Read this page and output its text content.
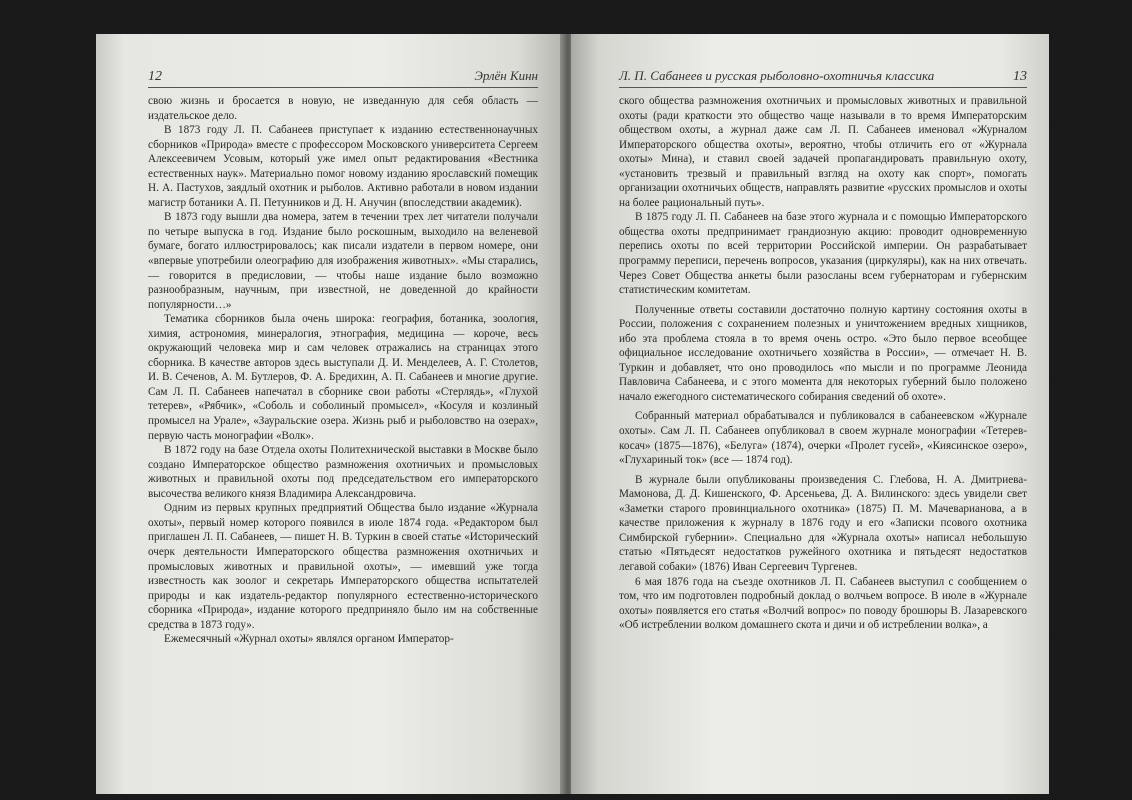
12	Эрлён Кинн

свою жизнь и бросается в новую, не изведанную для себя область — издательское дело.

В 1873 году Л. П. Сабанеев приступает к изданию естественнонаучных сборников «Природа» вместе с профессором Московского университета Сергеем Алексеевичем Усовым, который уже имел опыт редактирования «Вестника естественных наук». Материально помог новому изданию ярославский помещик Н. А. Пастухов, заядлый охотник и рыболов. Активно работали в новом издании магистр ботаники А. П. Петунников и Д. Н. Анучин (впоследствии академик).

В 1873 году вышли два номера, затем в течении трех лет читатели получали по четыре выпуска в год. Издание было роскошным, выходило на веленевой бумаге, богато иллюстрировалось; как писали издатели в первом номере, они «впервые употребили олеографию для изображения животных». «Мы старались, — говорится в предисловии, — чтобы наше издание было возможно разнообразным, научным, при известной, не доведенной до крайности популярности…»

Тематика сборников была очень широка: география, ботаника, зоология, химия, астрономия, минералогия, этнография, медицина — короче, весь окружающий человека мир и сам человек отражались на страницах этого сборника. В качестве авторов здесь выступали Д. И. Менделеев, А. Г. Столетов, И. В. Сеченов, А. М. Бутлеров, Ф. А. Бредихин, А. П. Сабанеев и многие другие. Сам Л. П. Сабанеев напечатал в сборнике свои работы «Стерлядь», «Глухой тетерев», «Рябчик», «Соболь и соболиный промысел», «Косуля и козлиный промысел на Урале», «Зауральские озера. Жизнь рыб и рыболовство на озерах», первую часть монографии «Волк».

В 1872 году на базе Отдела охоты Политехнической выставки в Москве было создано Императорское общество размножения охотничьих и промысловых животных и правильной охоты под председательством его императорского высочества великого князя Владимира Александровича.

Одним из первых крупных предприятий Общества было издание «Журнала охоты», первый номер которого появился в июле 1874 года. «Редактором был приглашен Л. П. Сабанеев, — пишет Н. В. Туркин в своей статье «Исторический очерк деятельности Императорского общества размножения охотничьих и промысловых животных и правильной охоты», — имевший уже тогда известность как зоолог и секретарь Императорского общества испытателей природы и как издатель-редактор популярного естественно-исторического сборника «Природа», издание которого предприняло было им на собственные средства в 1873 году».

Ежемесячный «Журнал охоты» являлся органом Император-

Л. П. Сабанеев и русская рыболовно-охотничья классика	13

ского общества размножения охотничьих и промысловых животных и правильной охоты (ради краткости это общество чаще называли в то время Императорским обществом охоты, а журнал даже сам Л. П. Сабанеев именовал «Журналом Императорского общества охоты», вероятно, чтобы отличить его от «Журнала охоты» Мина), и ставил своей задачей пропагандировать правильную охоту, «установить трезвый и правильный взгляд на охоту как спорт», помогать организации охотничьих обществ, направлять развитие «русских промыслов и охоты на более рациональный путь».

В 1875 году Л. П. Сабанеев на базе этого журнала и с помощью Императорского общества охоты предпринимает грандиозную акцию: проводит одновременную перепись охоты по всей территории Российской империи. Он разрабатывает программу переписи, перечень вопросов, указания (циркуляры), как на них отвечать. Через Совет Общества анкеты были разосланы всем губернаторам и губернским статистическим комитетам.

Полученные ответы составили достаточно полную картину состояния охоты в России, положения с сохранением полезных и уничтожением вредных хищников, ибо эта проблема стояла в то время очень остро. «Это было первое всеобщее официальное исследование охотничьего хозяйства в России», — отмечает Н. В. Туркин и добавляет, что оно проводилось «по мысли и по программе Леонида Павловича Сабанеева, и с этого момента для некоторых губерний было положено начало ежегодного систематического собирания сведений об охоте».

Собранный материал обрабатывался и публиковался в сабанеевском «Журнале охоты». Сам Л. П. Сабанеев опубликовал в своем журнале монографии «Тетерев-косач» (1875—1876), «Белуга» (1874), очерки «Пролет гусей», «Киясинское озеро», «Глухариный ток» (все — 1874 год).

В журнале были опубликованы произведения С. Глебова, Н. А. Дмитриева-Мамонова, Д. Д. Кишенского, Ф. Арсеньева, Д. А. Вилинского: здесь увидели свет «Заметки старого провинциального охотника» (1875) П. М. Мачеварианова, а в качестве приложения к журналу в 1876 году и его «Записки псового охотника Симбирской губернии». Специально для «Журнала охоты» написал небольшую статью «Пятьдесят недостатков ружейного охотника и пятьдесят недостатков легавой собаки» (1876) Иван Сергеевич Тургенев.

6 мая 1876 года на съезде охотников Л. П. Сабанеев выступил с сообщением о том, что им подготовлен подробный доклад о волчьем вопросе. В июле в «Журнале охоты» появляется его статья «Волчий вопрос» по поводу брошюры В. Лазаревского «Об истреблении волком домашнего скота и дичи и об истреблении волка», а
